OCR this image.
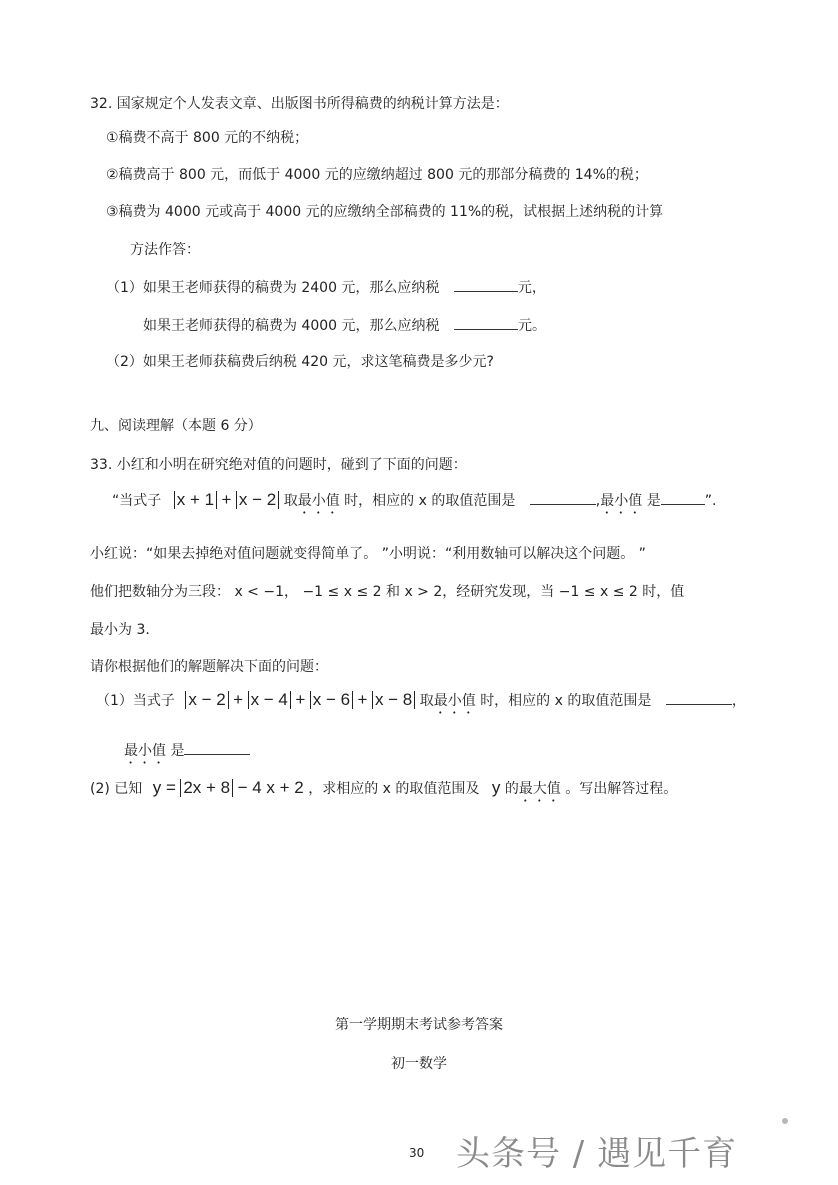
32. 国家规定个人发表文章、出版图书所得稿费的纳税计算方法是：
①稿费不高于 800 元的不纳税；
②稿费高于 800 元，而低于 4000 元的应缴纳超过 800 元的那部分稿费的 14%的税；
③稿费为 4000 元或高于 4000 元的应缴纳全部稿费的 11%的税，试根据上述纳税的计算
方法作答：
（1）如果王老师获得的稿费为 2400 元，那么应纳税	元，
如果王老师获得的稿费为 4000 元，那么应纳税	元。
（2）如果王老师获稿费后纳税 420 元，求这笔稿费是多少元?
九、阅读理解（本题 6 分）
33. 小红和小明在研究绝对值的问题时，碰到了下面的问题：
“当式子 x + 1 + x − 2 取最小值 时，相应的 x 的取值范围是	,最小值 是	”.
小红说：“如果去掉绝对值问题就变得简单了。 ”小明说：“利用数轴可以解决这个问题。 ”
他们把数轴分为三段： x < −1， −1 ≤ x ≤ 2 和 x > 2，经研究发现，当 −1 ≤ x ≤ 2 时，值
最小为 3.
请你根据他们的解题解决下面的问题：
（1）当式子 x − 2 + x − 4 + x − 6 + x − 8 取最小值 时，相应的 x 的取值范围是	，
最小值 是
(2) 已知 y = 2x + 8 − 4 x + 2 ，求相应的 x 的取值范围及 y 的最大值 。写出解答过程。
第一学期期末考试参考答案
初一数学
30 头条号 / 遇见千育
